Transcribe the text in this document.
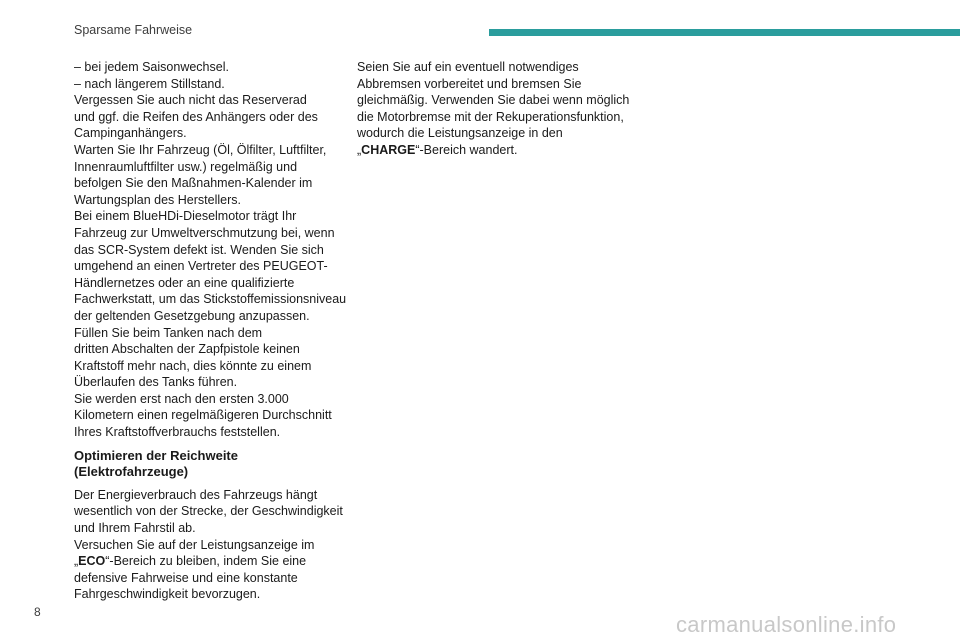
Sparsame Fahrweise
– bei jedem Saisonwechsel.
– nach längerem Stillstand.
Vergessen Sie auch nicht das Reserverad
und ggf. die Reifen des Anhängers oder des
Campinganhängers.
Warten Sie Ihr Fahrzeug (Öl, Ölfilter, Luftfilter,
Innenraumluftfilter usw.) regelmäßig und
befolgen Sie den Maßnahmen-Kalender im
Wartungsplan des Herstellers.
Bei einem BlueHDi-Dieselmotor trägt Ihr
Fahrzeug zur Umweltverschmutzung bei, wenn
das SCR-System defekt ist. Wenden Sie sich
umgehend an einen Vertreter des PEUGEOT-
Händlernetzes oder an eine qualifizierte
Fachwerkstatt, um das Stickstoffemissionsniveau
der geltenden Gesetzgebung anzupassen.
Füllen Sie beim Tanken nach dem
dritten Abschalten der Zapfpistole keinen
Kraftstoff mehr nach, dies könnte zu einem
Überlaufen des Tanks führen.
Sie werden erst nach den ersten 3.000
Kilometern einen regelmäßigeren Durchschnitt
Ihres Kraftstoffverbrauchs feststellen.
Optimieren der Reichweite
(Elektrofahrzeuge)
Der Energieverbrauch des Fahrzeugs hängt
wesentlich von der Strecke, der Geschwindigkeit
und Ihrem Fahrstil ab.
Versuchen Sie auf der Leistungsanzeige im
„ECO“-Bereich zu bleiben, indem Sie eine
defensive Fahrweise und eine konstante
Fahrgeschwindigkeit bevorzugen.
Seien Sie auf ein eventuell notwendiges
Abbremsen vorbereitet und bremsen Sie
gleichmäßig. Verwenden Sie dabei wenn möglich
die Motorbremse mit der Rekuperationsfunktion,
wodurch die Leistungsanzeige in den
„CHARGE“-Bereich wandert.
8	carmanualsonline.info
